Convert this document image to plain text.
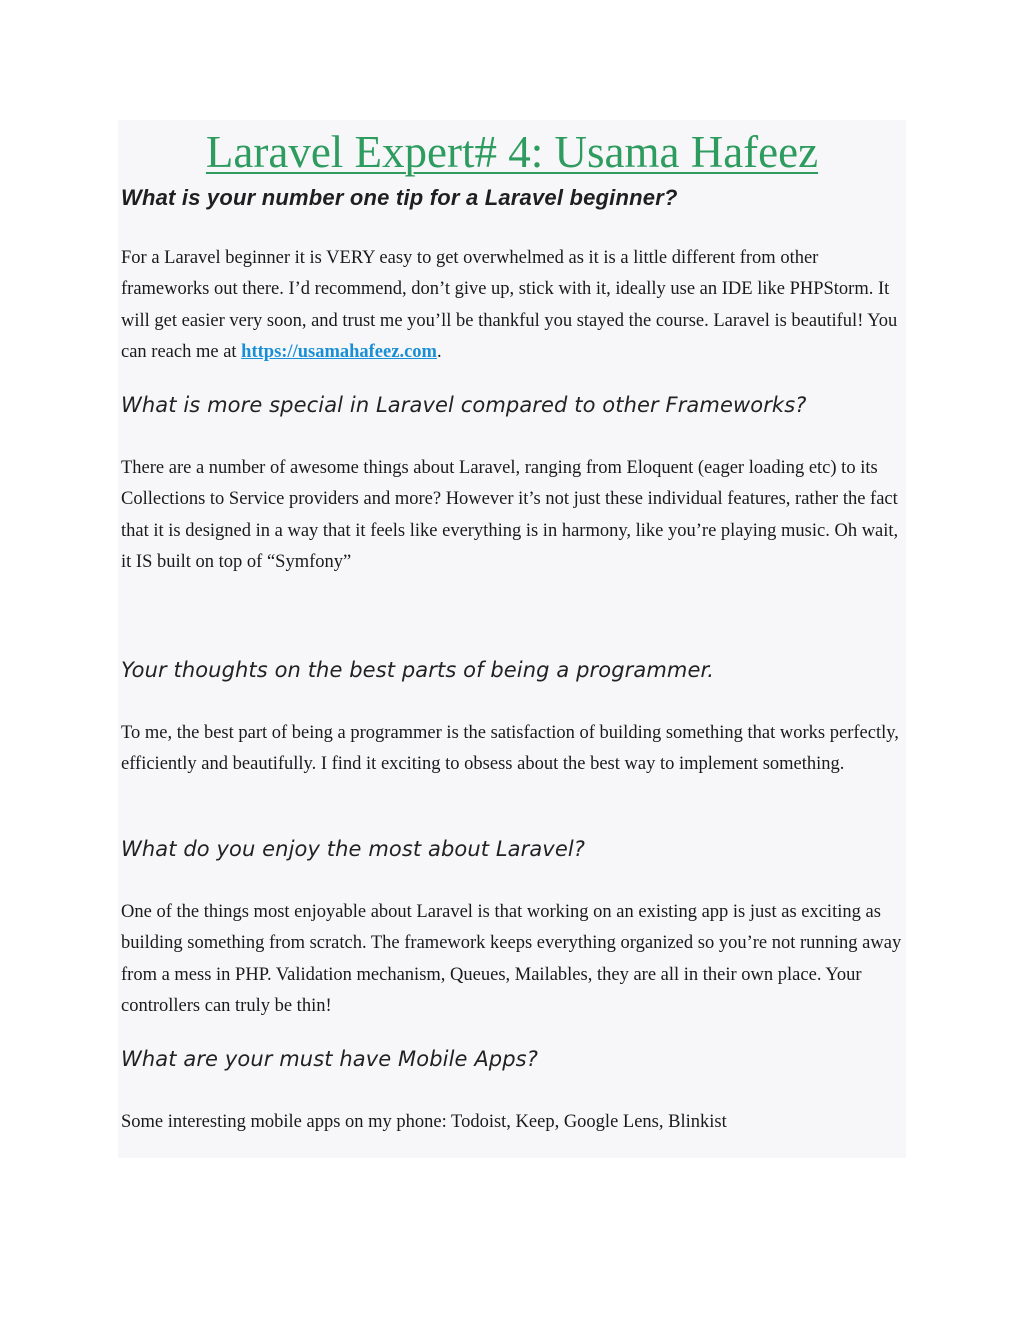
Laravel Expert# 4: Usama Hafeez
What is your number one tip for a Laravel beginner?

For a Laravel beginner it is VERY easy to get overwhelmed as it is a little different from other frameworks out there. I’d recommend, don’t give up, stick with it, ideally use an IDE like PHPStorm. It will get easier very soon, and trust me you’ll be thankful you stayed the course. Laravel is beautiful! You can reach me at https://usamahafeez.com.

What is more special in Laravel compared to other Frameworks?

There are a number of awesome things about Laravel, ranging from Eloquent (eager loading etc) to its Collections to Service providers and more? However it’s not just these individual features, rather the fact that it is designed in a way that it feels like everything is in harmony, like you’re playing music. Oh wait, it IS built on top of “Symfony”

Your thoughts on the best parts of being a programmer.

To me, the best part of being a programmer is the satisfaction of building something that works perfectly, efficiently and beautifully. I find it exciting to obsess about the best way to implement something.

What do you enjoy the most about Laravel?

One of the things most enjoyable about Laravel is that working on an existing app is just as exciting as building something from scratch. The framework keeps everything organized so you’re not running away from a mess in PHP. Validation mechanism, Queues, Mailables, they are all in their own place. Your controllers can truly be thin!

What are your must have Mobile Apps?

Some interesting mobile apps on my phone: Todoist, Keep, Google Lens, Blinkist
